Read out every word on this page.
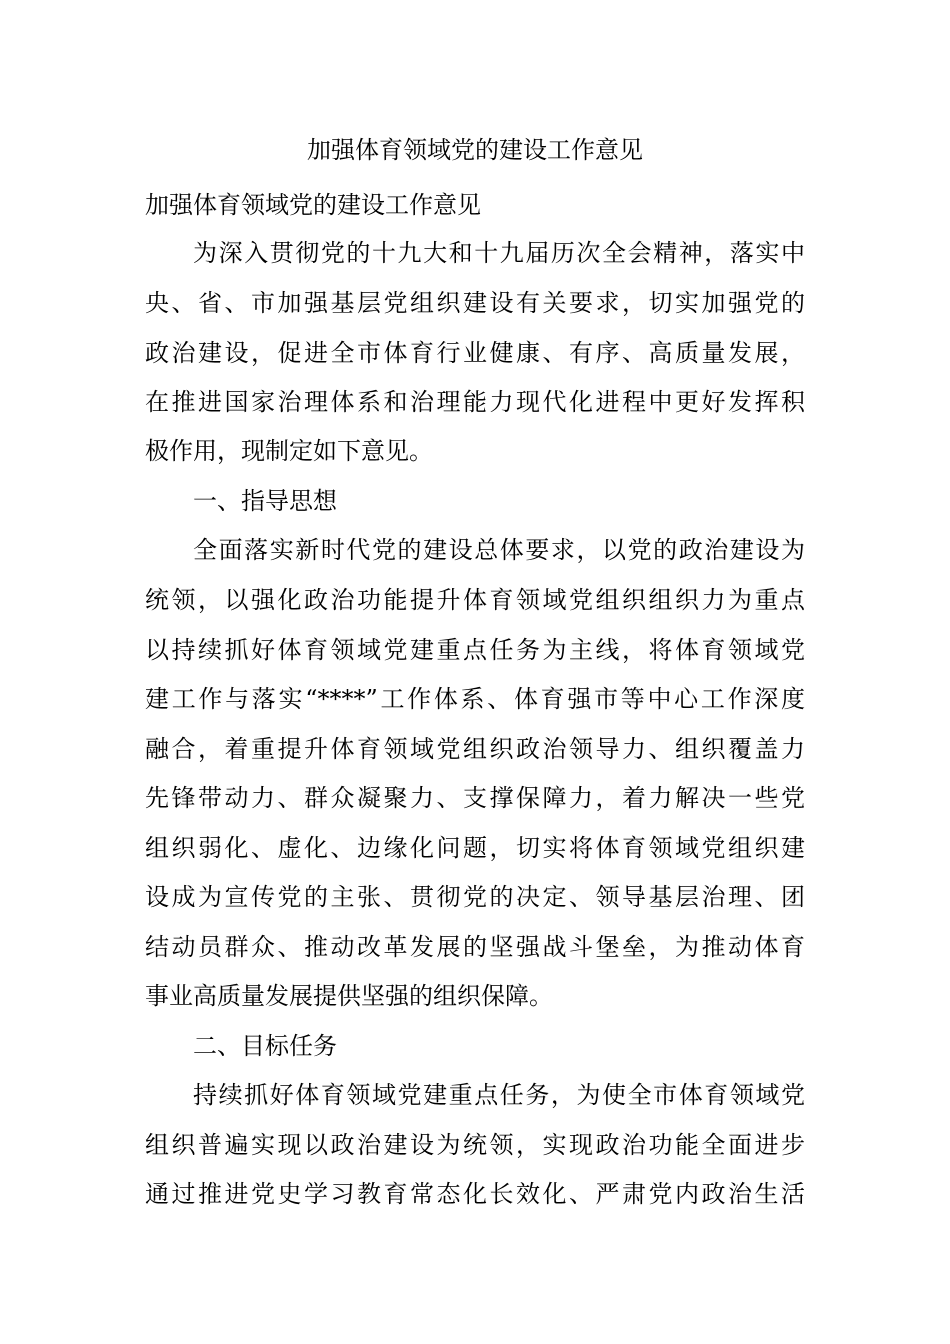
加强体育领域党的建设工作意见

加强体育领域党的建设工作意见

为深入贯彻党的十九大和十九届历次全会精神，落实中

央、省、市加强基层党组织建设有关要求，切实加强党的

政治建设，促进全市体育行业健康、有序、高质量发展，

在推进国家治理体系和治理能力现代化进程中更好发挥积

极作用，现制定如下意见。

一、指导思想

全面落实新时代党的建设总体要求，以党的政治建设为

统领，以强化政治功能提升体育领域党组织组织力为重点

以持续抓好体育领域党建重点任务为主线，将体育领域党

建工作与落实“****”工作体系、体育强市等中心工作深度

融合，着重提升体育领域党组织政治领导力、组织覆盖力

先锋带动力、群众凝聚力、支撑保障力，着力解决一些党

组织弱化、虚化、边缘化问题，切实将体育领域党组织建

设成为宣传党的主张、贯彻党的决定、领导基层治理、团

结动员群众、推动改革发展的坚强战斗堡垒，为推动体育

事业高质量发展提供坚强的组织保障。

二、目标任务

持续抓好体育领域党建重点任务，为使全市体育领域党

组织普遍实现以政治建设为统领，实现政治功能全面进步

通过推进党史学习教育常态化长效化、严肃党内政治生活
